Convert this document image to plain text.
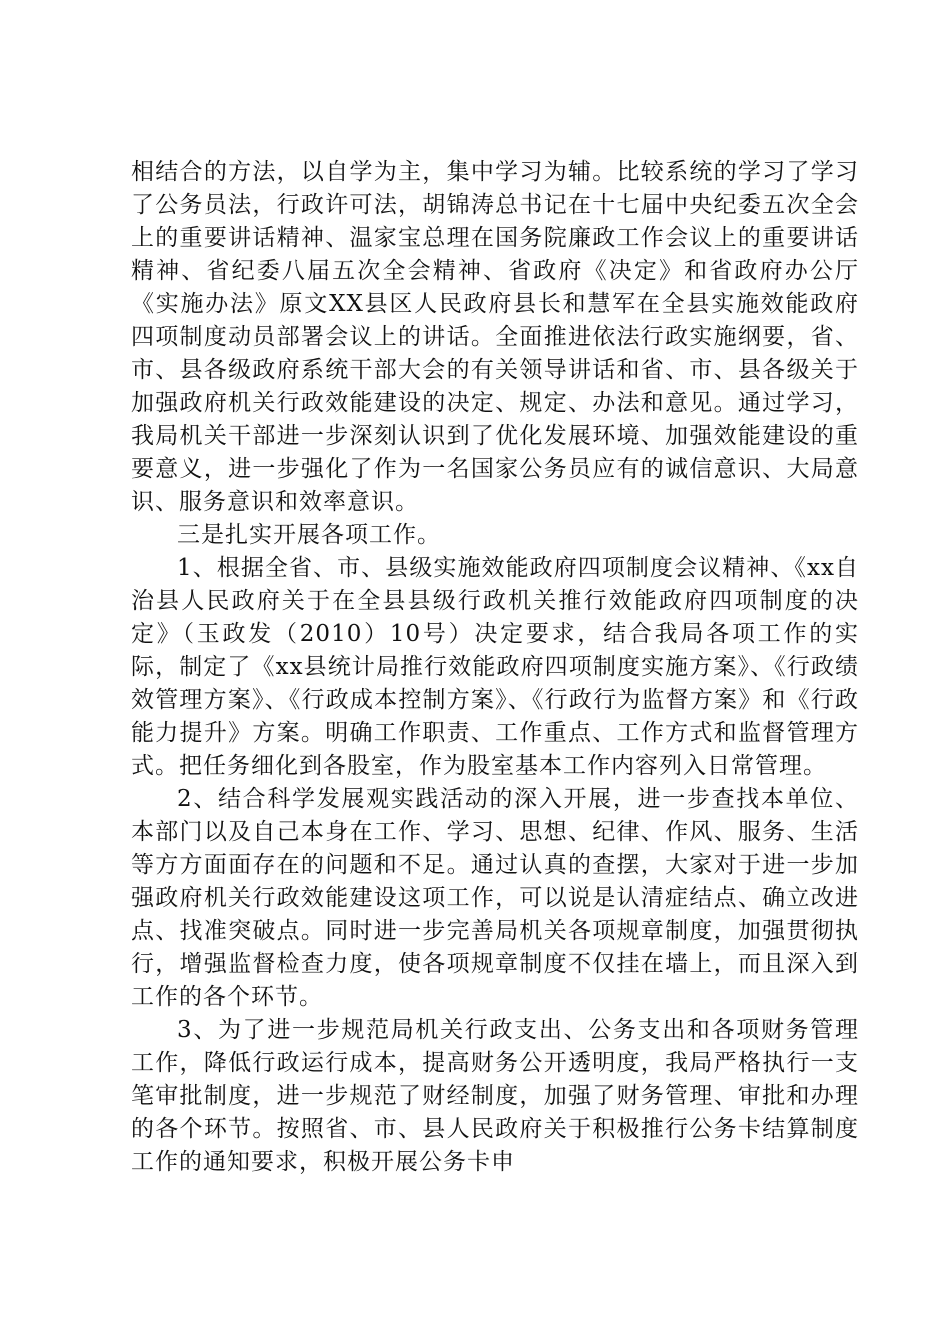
相结合的方法，以自学为主，集中学习为辅。比较系统的学习了学习了公务员法，行政许可法，胡锦涛总书记在十七届中央纪委五次全会上的重要讲话精神、温家宝总理在国务院廉政工作会议上的重要讲话精神、省纪委八届五次全会精神、省政府《决定》和省政府办公厅《实施办法》原文XX县区人民政府县长和慧军在全县实施效能政府四项制度动员部署会议上的讲话。全面推进依法行政实施纲要，省、市、县各级政府系统干部大会的有关领导讲话和省、市、县各级关于加强政府机关行政效能建设的决定、规定、办法和意见。通过学习，我局机关干部进一步深刻认识到了优化发展环境、加强效能建设的重要意义，进一步强化了作为一名国家公务员应有的诚信意识、大局意识、服务意识和效率意识。

三是扎实开展各项工作。

1、根据全省、市、县级实施效能政府四项制度会议精神、《xx自治县人民政府关于在全县县级行政机关推行效能政府四项制度的决定》（玉政发（2010）10号）决定要求，结合我局各项工作的实际，制定了《xx县统计局推行效能政府四项制度实施方案》、《行政绩效管理方案》、《行政成本控制方案》、《行政行为监督方案》和《行政能力提升》方案。明确工作职责、工作重点、工作方式和监督管理方式。把任务细化到各股室，作为股室基本工作内容列入日常管理。

2、结合科学发展观实践活动的深入开展，进一步查找本单位、本部门以及自己本身在工作、学习、思想、纪律、作风、服务、生活等方方面面存在的问题和不足。通过认真的查摆，大家对于进一步加强政府机关行政效能建设这项工作，可以说是认清症结点、确立改进点、找准突破点。同时进一步完善局机关各项规章制度，加强贯彻执行，增强监督检查力度，使各项规章制度不仅挂在墙上，而且深入到工作的各个环节。

3、为了进一步规范局机关行政支出、公务支出和各项财务管理工作，降低行政运行成本，提高财务公开透明度，我局严格执行一支笔审批制度，进一步规范了财经制度，加强了财务管理、审批和办理的各个环节。按照省、市、县人民政府关于积极推行公务卡结算制度工作的通知要求，积极开展公务卡申
